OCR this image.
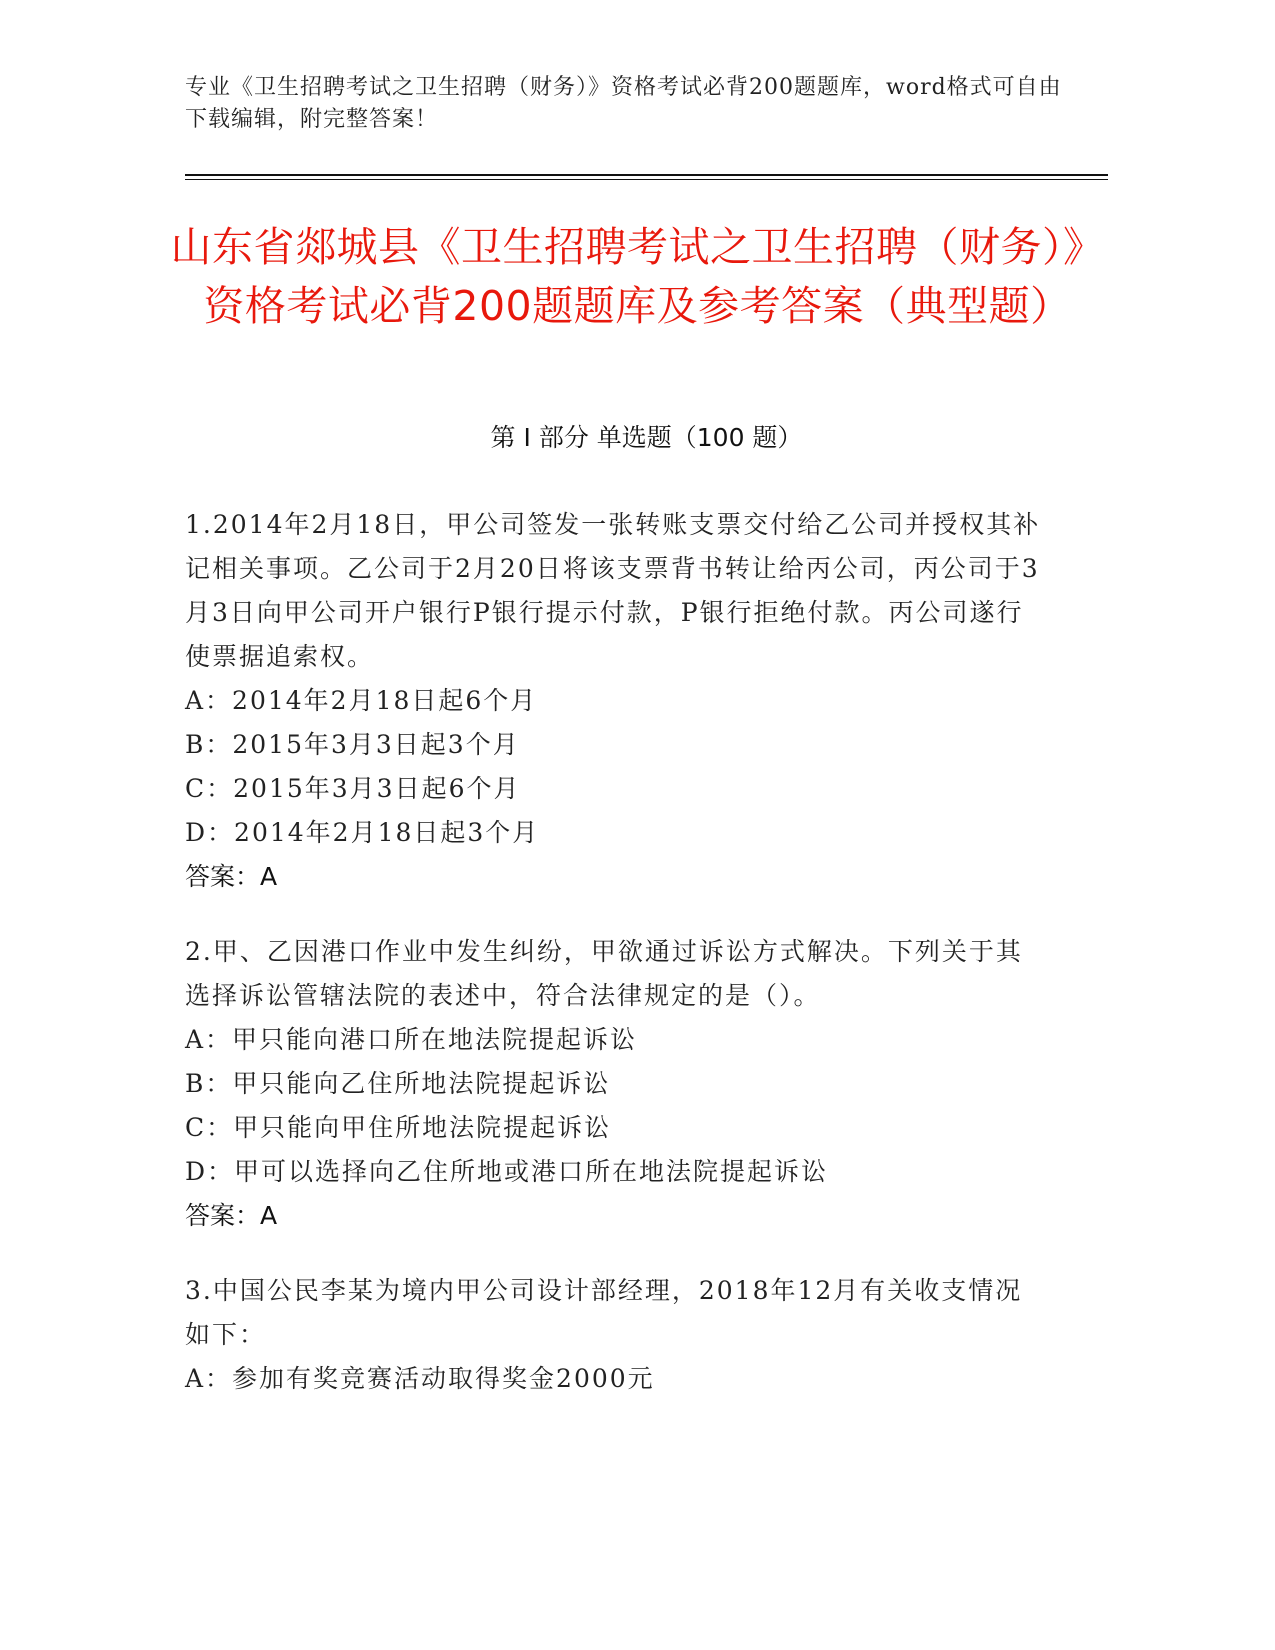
专业《卫生招聘考试之卫生招聘（财务）》资格考试必背200题题库，word格式可自由下载编辑，附完整答案！
山东省郯城县《卫生招聘考试之卫生招聘（财务）》资格考试必背200题题库及参考答案（典型题）
第 I 部分 单选题（100 题）
1.2014年2月18日，甲公司签发一张转账支票交付给乙公司并授权其补记相关事项。乙公司于2月20日将该支票背书转让给丙公司，丙公司于3月3日向甲公司开户银行P银行提示付款，P银行拒绝付款。丙公司遂行使票据追索权。
A：2014年2月18日起6个月
B：2015年3月3日起3个月
C：2015年3月3日起6个月
D：2014年2月18日起3个月
答案：A
2.甲、乙因港口作业中发生纠纷，甲欲通过诉讼方式解决。下列关于其选择诉讼管辖法院的表述中，符合法律规定的是（）。
A：甲只能向港口所在地法院提起诉讼
B：甲只能向乙住所地法院提起诉讼
C：甲只能向甲住所地法院提起诉讼
D：甲可以选择向乙住所地或港口所在地法院提起诉讼
答案：A
3.中国公民李某为境内甲公司设计部经理，2018年12月有关收支情况如下：
A：参加有奖竞赛活动取得奖金2000元
